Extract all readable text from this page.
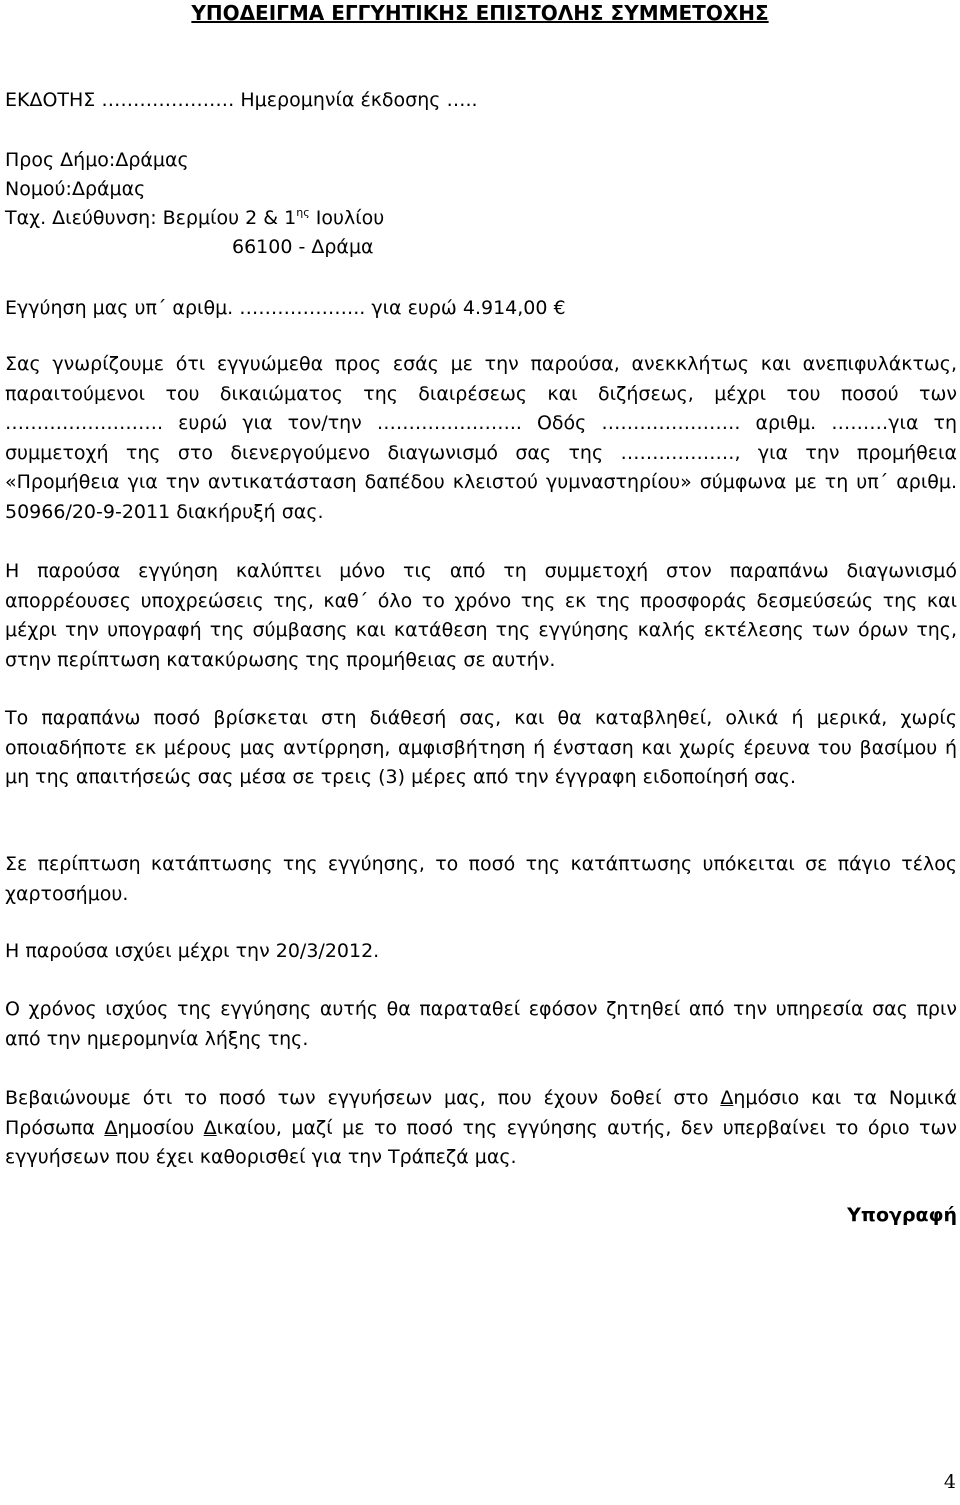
ΥΠΟΔΕΙΓΜΑ ΕΓΓΥΗΤΙΚΗΣ ΕΠΙΣΤΟΛΗΣ ΣΥΜΜΕΤΟΧΗΣ
ΕΚΔΟΤΗΣ ………………… Ημερομηνία έκδοσης …..
Προς Δήμο:Δράμας
Νομού:Δράμας
Ταχ. Διεύθυνση: Βερμίου 2 & $1^{\eta\varsigma}$ Ιουλίου
66100 - Δράμα
Εγγύηση μας υπ΄ αριθμ. ……………….. για ευρώ 4.914,00 €

Σας γνωρίζουμε ότι εγγυώμεθα προς εσάς με την παρούσα, ανεκκλήτως και ανεπιφυλάκτως, παραιτούμενοι του δικαιώματος της διαιρέσεως και διζήσεως, μέχρι του ποσού των ……………………. ευρώ για τον/την ………………….. Οδός …………………. αριθμ. ………για τη συμμετοχή της στο διενεργούμενο διαγωνισμό σας της ………………, για την προμήθεια «Προμήθεια για την αντικατάσταση δαπέδου κλειστού γυμναστηρίου» σύμφωνα με τη υπ΄ αριθμ. 50966/20-9-2011 διακήρυξή σας.

Η παρούσα εγγύηση καλύπτει μόνο τις από τη συμμετοχή στον παραπάνω διαγωνισμό απορρέουσες υποχρεώσεις της, καθ΄ όλο το χρόνο της εκ της προσφοράς δεσμεύσεώς της και μέχρι την υπογραφή της σύμβασης και κατάθεση της εγγύησης καλής εκτέλεσης των όρων της, στην περίπτωση κατακύρωσης της προμήθειας σε αυτήν.

Το παραπάνω ποσό βρίσκεται στη διάθεσή σας, και θα καταβληθεί, ολικά ή μερικά, χωρίς οποιαδήποτε εκ μέρους μας αντίρρηση, αμφισβήτηση ή ένσταση και χωρίς έρευνα του βασίμου ή μη της απαιτήσεώς σας μέσα σε τρεις (3) μέρες από την έγγραφη ειδοποίησή σας.

Σε περίπτωση κατάπτωσης της εγγύησης, το ποσό της κατάπτωσης υπόκειται σε πάγιο τέλος χαρτοσήμου.

Η παρούσα ισχύει μέχρι την 20/3/2012.

Ο χρόνος ισχύος της εγγύησης αυτής θα παραταθεί εφόσον ζητηθεί από την υπηρεσία σας πριν από την ημερομηνία λήξης της.

Βεβαιώνουμε ότι το ποσό των εγγυήσεων μας, που έχουν δοθεί στο Δημόσιο και τα Νομικά Πρόσωπα Δημοσίου Δικαίου, μαζί με το ποσό της εγγύησης αυτής, δεν υπερβαίνει το όριο των εγγυήσεων που έχει καθορισθεί για την Τράπεζά μας.

Υπογραφή
4
